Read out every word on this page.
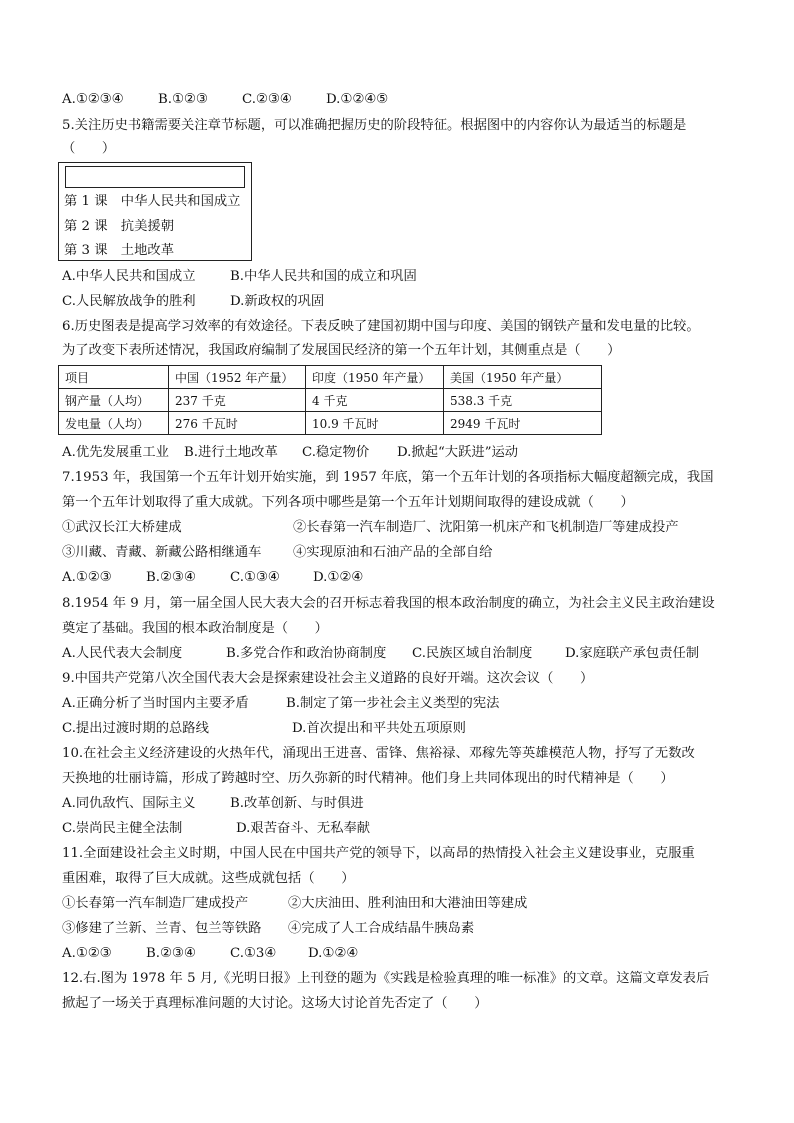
A.①②③④	B.①②③	C.②③④	D.①②④⑤
5.关注历史书籍需要关注章节标题，可以准确把握历史的阶段特征。根据图中的内容你认为最适当的标题是
（　　）
第 1 课　中华人民共和国成立
第 2 课　抗美援朝
第 3 课　土地改革
A.中华人民共和国成立	B.中华人民共和国的成立和巩固
C.人民解放战争的胜利	D.新政权的巩固
6.历史图表是提高学习效率的有效途径。下表反映了建国初期中国与印度、美国的钢铁产量和发电量的比较。
为了改变下表所述情况，我国政府编制了发展国民经济的第一个五年计划，其侧重点是（　　）
项目	中国（1952 年产量）	印度（1950 年产量）	美国（1950 年产量）
钢产量（人均）	237 千克	4 千克	538.3 千克
发电量（人均）	276 千瓦时	10.9 千瓦时	2949 千瓦时
A.优先发展重工业 B.进行土地改革 C.稳定物价 D.掀起“大跃进”运动
7.1953 年，我国第一个五年计划开始实施，到 1957 年底，第一个五年计划的各项指标大幅度超额完成，我国
第一个五年计划取得了重大成就。下列各项中哪些是第一个五年计划期间取得的建设成就（　　）
①武汉长江大桥建成	②长春第一汽车制造厂、沈阳第一机床产和飞机制造厂等建成投产
③川藏、青藏、新藏公路相继通车 ④实现原油和石油产品的全部自给
A.①②③	B.②③④	C.①③④	D.①②④
8.1954 年 9 月，第一届全国人民大表大会的召开标志着我国的根本政治制度的确立，为社会主义民主政治建设
奠定了基础。我国的根本政治制度是（　　）
A.人民代表大会制度	B.多党合作和政治协商制度 C.民族区域自治制度 D.家庭联产承包责任制
9.中国共产党第八次全国代表大会是探索建设社会主义道路的良好开端。这次会议（　　）
A.正确分析了当时国内主要矛盾	B.制定了第一步社会主义类型的宪法
C.提出过渡时期的总路线	D.首次提出和平共处五项原则
10.在社会主义经济建设的火热年代，涌现出王进喜、雷锋、焦裕禄、邓稼先等英雄模范人物，抒写了无数改
天换地的壮丽诗篇，形成了跨越时空、历久弥新的时代精神。他们身上共同体现出的时代精神是（　　）
A.同仇敌忾、国际主义	B.改革创新、与时俱进
C.崇尚民主健全法制	D.艰苦奋斗、无私奉献
11.全面建设社会主义时期，中国人民在中国共产党的领导下，以高昂的热情投入社会主义建设事业，克服重
重困难，取得了巨大成就。这些成就包括（　　）
①长春第一汽车制造厂建成投产	②大庆油田、胜利油田和大港油田等建成
③修建了兰新、兰青、包兰等铁路 ④完成了人工合成结晶牛胰岛素
A.①②③	B.②③④	C.①3④ D.①②④
12.右.图为 1978 年 5 月,《光明日报》上刊登的题为《实践是检验真理的唯一标准》的文章。这篇文章发表后
掀起了一场关于真理标准问题的大讨论。这场大讨论首先否定了（　　）
